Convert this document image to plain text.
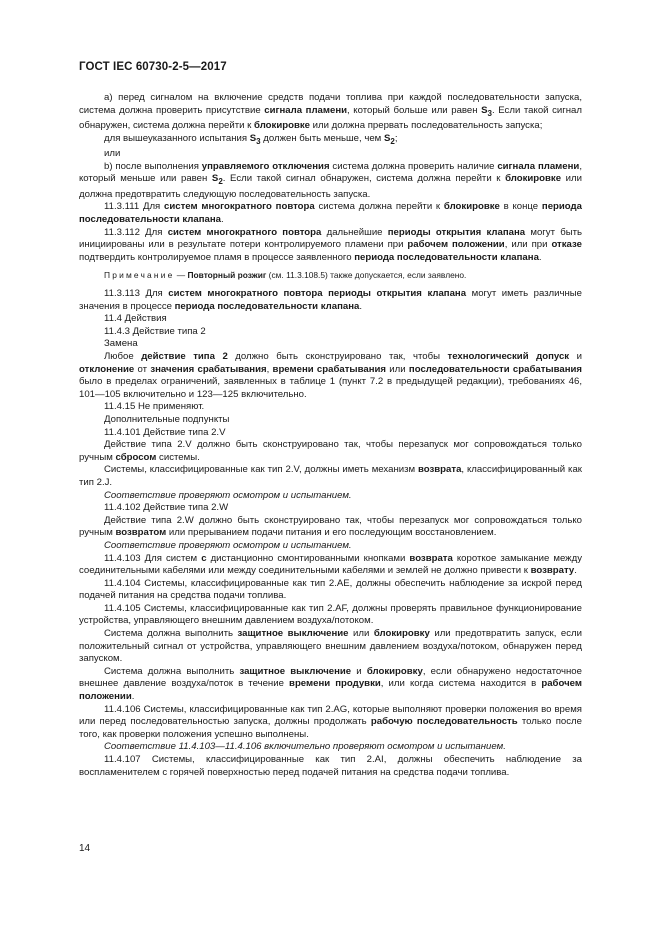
ГОСТ IEC 60730-2-5—2017

а) перед сигналом на включение средств подачи топлива при каждой последовательности запуска, система должна проверить присутствие сигнала пламени, который больше или равен $S_3$. Если такой сигнал обнаружен, система должна перейти к блокировке или должна прервать последовательность запуска;

для вышеуказанного испытания $S_3$ должен быть меньше, чем $S_2$;

или

b) после выполнения управляемого отключения система должна проверить наличие сигнала пламени, который меньше или равен $S_2$. Если такой сигнал обнаружен, система должна перейти к блокировке или должна предотвратить следующую последовательность запуска.

11.3.111 Для систем многократного повтора система должна перейти к блокировке в конце периода последовательности клапана.

11.3.112 Для систем многократного повтора дальнейшие периоды открытия клапана могут быть инициированы или в результате потери контролируемого пламени при рабочем положении, или при отказе подтвердить контролируемое пламя в процессе заявленного периода последовательности клапана.

Примечание — Повторный розжиг (см. 11.3.108.5) также допускается, если заявлено.

11.3.113 Для систем многократного повтора периоды открытия клапана могут иметь различные значения в процессе периода последовательности клапана.

11.4 Действия

11.4.3 Действие типа 2

Замена

Любое действие типа 2 должно быть сконструировано так, чтобы технологический допуск и отклонение от значения срабатывания, времени срабатывания или последовательности срабатывания было в пределах ограничений, заявленных в таблице 1 (пункт 7.2 в предыдущей редакции), требованиях 46, 101—105 включительно и 123—125 включительно.

11.4.15 Не применяют.

Дополнительные подпункты

11.4.101 Действие типа 2.V

Действие типа 2.V должно быть сконструировано так, чтобы перезапуск мог сопровождаться только ручным сбросом системы.

Системы, классифицированные как тип 2.V, должны иметь механизм возврата, классифицированный как тип 2.J.

Соответствие проверяют осмотром и испытанием.

11.4.102 Действие типа 2.W

Действие типа 2.W должно быть сконструировано так, чтобы перезапуск мог сопровождаться только ручным возвратом или прерыванием подачи питания и его последующим восстановлением.

Соответствие проверяют осмотром и испытанием.

11.4.103 Для систем с дистанционно смонтированными кнопками возврата короткое замыкание между соединительными кабелями или между соединительными кабелями и землей не должно привести к возврату.

11.4.104 Системы, классифицированные как тип 2.AE, должны обеспечить наблюдение за искрой перед подачей питания на средства подачи топлива.

11.4.105 Системы, классифицированные как тип 2.AF, должны проверять правильное функционирование устройства, управляющего внешним давлением воздуха/потоком.

Система должна выполнить защитное выключение или блокировку или предотвратить запуск, если положительный сигнал от устройства, управляющего внешним давлением воздуха/потоком, обнаружен перед запуском.

Система должна выполнить защитное выключение и блокировку, если обнаружено недостаточное внешнее давление воздуха/поток в течение времени продувки, или когда система находится в рабочем положении.

11.4.106 Системы, классифицированные как тип 2.AG, которые выполняют проверки положения во время или перед последовательностью запуска, должны продолжать рабочую последовательность только после того, как проверки положения успешно выполнены.

Соответствие 11.4.103—11.4.106 включительно проверяют осмотром и испытанием.

11.4.107 Системы, классифицированные как тип 2.AI, должны обеспечить наблюдение за воспламенителем с горячей поверхностью перед подачей питания на средства подачи топлива.

14
